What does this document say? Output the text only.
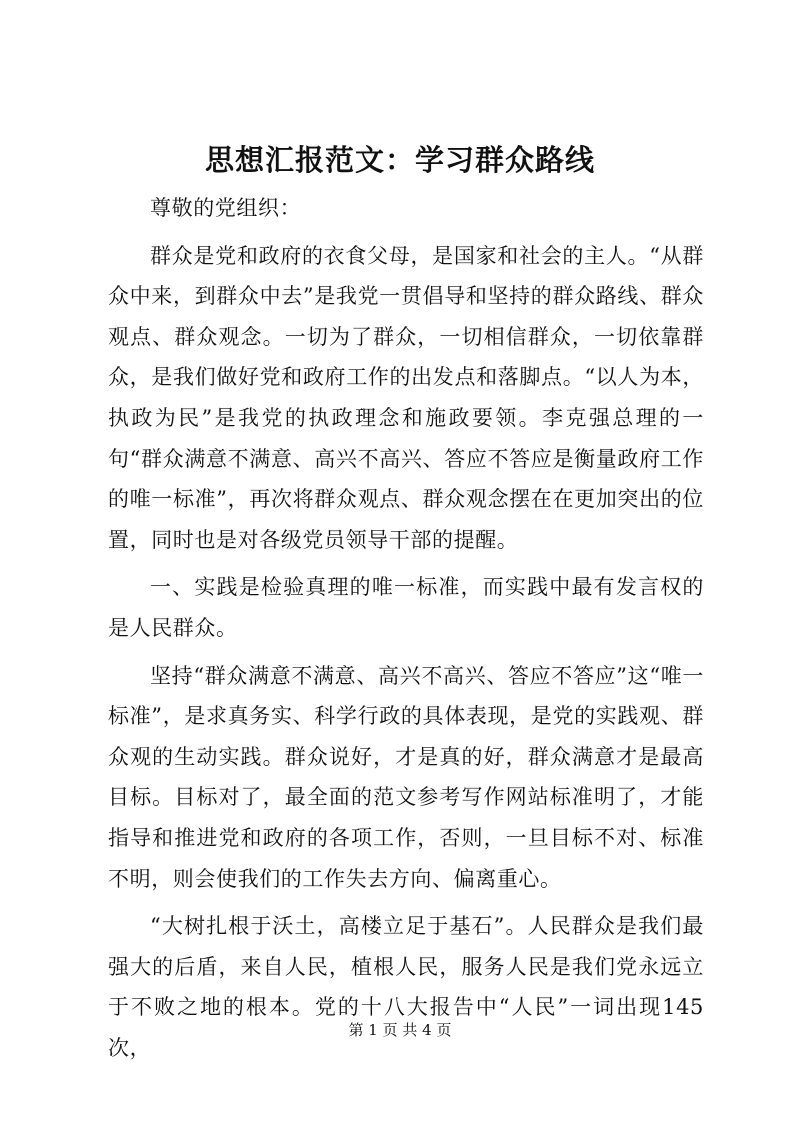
思想汇报范文：学习群众路线

尊敬的党组织：

群众是党和政府的衣食父母，是国家和社会的主人。“从群众中来，到群众中去”是我党一贯倡导和坚持的群众路线、群众观点、群众观念。一切为了群众，一切相信群众，一切依靠群众，是我们做好党和政府工作的出发点和落脚点。“以人为本，执政为民”是我党的执政理念和施政要领。李克强总理的一句“群众满意不满意、高兴不高兴、答应不答应是衡量政府工作的唯一标准”，再次将群众观点、群众观念摆在在更加突出的位置，同时也是对各级党员领导干部的提醒。

一、实践是检验真理的唯一标准，而实践中最有发言权的是人民群众。

坚持“群众满意不满意、高兴不高兴、答应不答应”这“唯一标准”，是求真务实、科学行政的具体表现，是党的实践观、群众观的生动实践。群众说好，才是真的好，群众满意才是最高目标。目标对了，最全面的范文参考写作网站标准明了，才能指导和推进党和政府的各项工作，否则，一旦目标不对、标准不明，则会使我们的工作失去方向、偏离重心。

“大树扎根于沃土，高楼立足于基石”。人民群众是我们最强大的后盾，来自人民，植根人民，服务人民是我们党永远立于不败之地的根本。党的十八大报告中“人民”一词出现145次，

第 1 页 共 4 页
